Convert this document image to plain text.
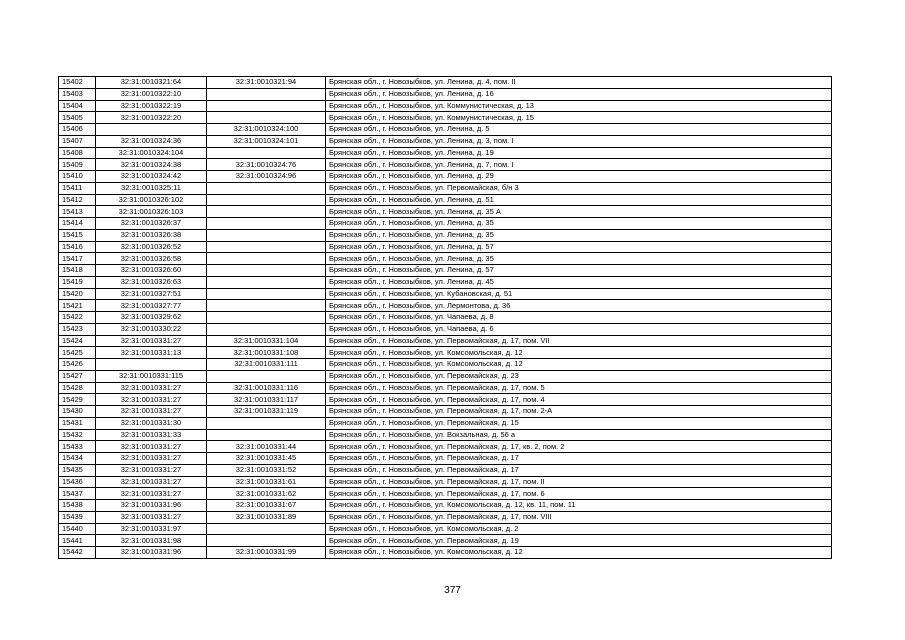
15402	32:31:0010321:64	32:31:0010321:94	Брянская обл., г. Новозыбков, ул. Ленина, д. 4, пом. II
15403	32:31:0010322:10		Брянская обл., г. Новозыбков, ул. Ленина, д. 16
15404	32:31:0010322:19		Брянская обл., г. Новозыбков, ул. Коммунистическая, д. 13
15405	32:31:0010322:20		Брянская обл., г. Новозыбков, ул. Коммунистическая, д. 15
15406		32:31:0010324:100	Брянская обл., г. Новозыбков, ул. Ленина, д. 5
15407	32:31:0010324:36	32:31:0010324:101	Брянская обл., г. Новозыбков, ул. Ленина, д. 3, пом. I
15408	32:31:0010324:104		Брянская обл., г. Новозыбков, ул. Ленина, д. 19
15409	32:31:0010324:38	32:31:0010324:76	Брянская обл., г. Новозыбков, ул. Ленина, д. 7, пом. I
15410	32:31:0010324:42	32:31:0010324:96	Брянская обл., г. Новозыбков, ул. Ленина, д. 29
15411	32:31:0010325:11		Брянская обл., г. Новозыбков, ул. Первомайская, б/н 3
15412	32:31:0010326:102		Брянская обл., г. Новозыбков, ул. Ленина, д. 51
15413	32:31:0010326:103		Брянская обл., г. Новозыбков, ул. Ленина, д. 35 А
15414	32:31:0010326:37		Брянская обл., г. Новозыбков, ул. Ленина, д. 35
15415	32:31:0010326:38		Брянская обл., г. Новозыбков, ул. Ленина, д. 35
15416	32:31:0010326:52		Брянская обл., г. Новозыбков, ул. Ленина, д. 57
15417	32:31:0010326:58		Брянская обл., г. Новозыбков, ул. Ленина, д. 35
15418	32:31:0010326:60		Брянская обл., г. Новозыбков, ул. Ленина, д. 57
15419	32:31:0010326:63		Брянская обл., г. Новозыбков, ул. Ленина, д. 45
15420	32:31:0010327:51		Брянская обл., г. Новозыбков, ул. Кубановская, д. 51
15421	32:31:0010327:77		Брянская обл., г. Новозыбков, ул. Лермонтова, д. 36
15422	32:31:0010329:62		Брянская обл., г. Новозыбков, ул. Чапаева, д. 8
15423	32:31:0010330:22		Брянская обл., г. Новозыбков, ул. Чапаева, д. 6
15424	32:31:0010331:27	32:31:0010331:104	Брянская обл., г. Новозыбков, ул. Первомайская, д. 17, пом. VII
15425	32:31:0010331:13	32:31:0010331:108	Брянская обл., г. Новозыбков, ул. Комсомольская, д. 12
15426		32:31:0010331:111	Брянская обл., г. Новозыбков, ул. Комсомольская, д. 12
15427	32:31:0010331:115		Брянская обл., г. Новозыбков, ул. Первомайская, д. 23
15428	32:31:0010331:27	32:31:0010331:116	Брянская обл., г. Новозыбков, ул. Первомайская, д. 17, пом. 5
15429	32:31:0010331:27	32:31:0010331:117	Брянская обл., г. Новозыбков, ул. Первомайская, д. 17, пом. 4
15430	32:31:0010331:27	32:31:0010331:119	Брянская обл., г. Новозыбков, ул. Первомайская, д. 17, пом. 2-А
15431	32:31:0010331:30		Брянская обл., г. Новозыбков, ул. Первомайская, д. 15
15432	32:31:0010331:33		Брянская обл., г. Новозыбков, ул. Вокзальная, д. 56 а
15433	32:31:0010331:27	32:31:0010331:44	Брянская обл., г. Новозыбков, ул. Первомайская, д. 17, кв. 2, пом. 2
15434	32:31:0010331:27	32:31:0010331:45	Брянская обл., г. Новозыбков, ул. Первомайская, д. 17
15435	32:31:0010331:27	32:31:0010331:52	Брянская обл., г. Новозыбков, ул. Первомайская, д. 17
15436	32:31:0010331:27	32:31:0010331:61	Брянская обл., г. Новозыбков, ул. Первомайская, д. 17, пом. II
15437	32:31:0010331:27	32:31:0010331:62	Брянская обл., г. Новозыбков, ул. Первомайская, д. 17, пом. 6
15438	32:31:0010331:96	32:31:0010331:67	Брянская обл., г. Новозыбков, ул. Комсомольская, д. 12, кв. 11, пом. 11
15439	32:31:0010331:27	32:31:0010331:89	Брянская обл., г. Новозыбков, ул. Первомайская, д. 17, пом. VIII
15440	32:31:0010331:97		Брянская обл., г. Новозыбков, ул. Комсомольская, д. 2
15441	32:31:0010331:98		Брянская обл., г. Новозыбков, ул. Первомайская, д. 19
15442	32:31:0010331:96	32:31:0010331:99	Брянская обл., г. Новозыбков, ул. Комсомольская, д. 12
377
